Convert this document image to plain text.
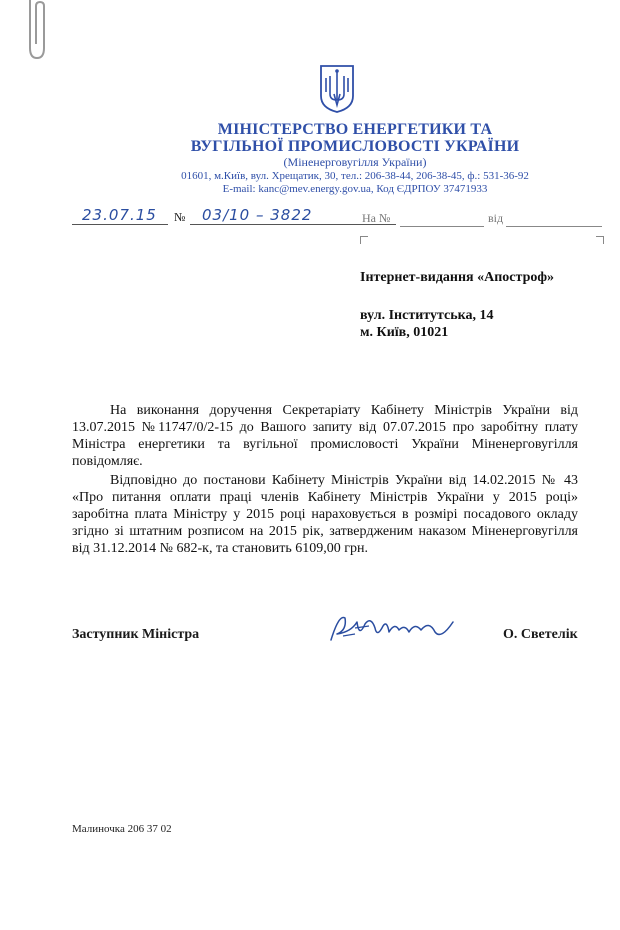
МІНІСТЕРСТВО ЕНЕРГЕТИКИ ТА
ВУГІЛЬНОЇ ПРОМИСЛОВОСТІ УКРАЇНИ
(Міненерговугілля України)
01601, м.Київ, вул. Хрещатик, 30, тел.: 206-38-44, 206-38-45, ф.: 531-36-92
E-mail: kanc@mev.energy.gov.ua, Код ЄДРПОУ 37471933
23.07.15	№ 03/10 – 3822	На №	від
Інтернет-видання «Апостроф»
вул. Інститутська, 14
м. Київ, 01021

На виконання доручення Секретаріату Кабінету Міністрів України від 13.07.2015 №11747/0/2-15 до Вашого запиту від 07.07.2015 про заробітну плату Міністра енергетики та вугільної промисловості України Міненерговугілля повідомляє.

Відповідно до постанови Кабінету Міністрів України від 14.02.2015 № 43 «Про питання оплати праці членів Кабінету Міністрів України у 2015 році» заробітна плата Міністру у 2015 році нараховується в розмірі посадового окладу згідно зі штатним розписом на 2015 рік, затвердженим наказом Міненерговугілля від 31.12.2014 № 682-к, та становить 6109,00 грн.

Заступник Міністра	О. Светелік
Малиночка 206 37 02
